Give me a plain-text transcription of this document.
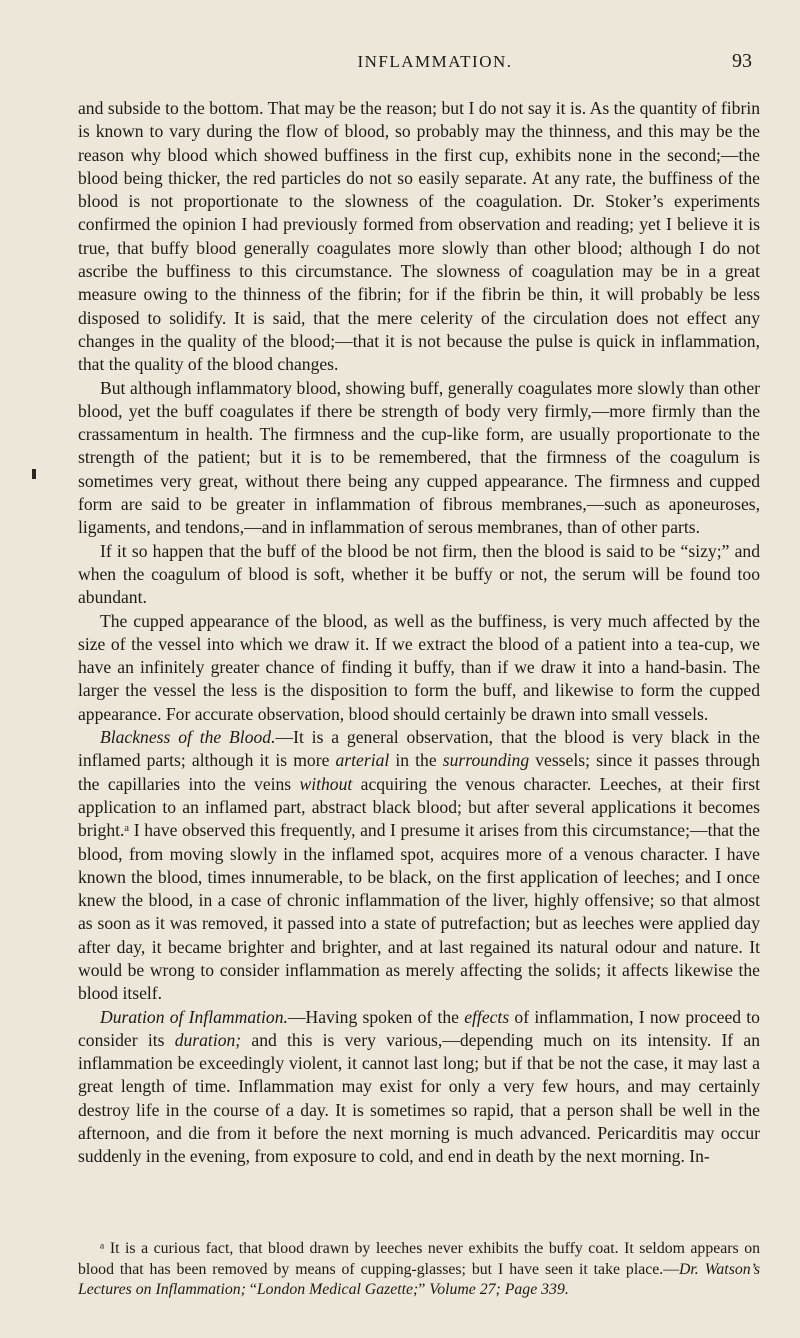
INFLAMMATION.	93

and subside to the bottom. That may be the reason; but I do not say it is. As the quantity of fibrin is known to vary during the flow of blood, so probably may the thinness, and this may be the reason why blood which showed buffiness in the first cup, exhibits none in the second;—the blood being thicker, the red particles do not so easily separate. At any rate, the buffiness of the blood is not proportionate to the slowness of the coagulation. Dr. Stoker’s experiments confirmed the opinion I had previously formed from observation and reading; yet I believe it is true, that buffy blood generally coagulates more slowly than other blood; although I do not ascribe the buffiness to this circumstance. The slowness of coagulation may be in a great measure owing to the thinness of the fibrin; for if the fibrin be thin, it will probably be less disposed to solidify. It is said, that the mere celerity of the circulation does not effect any changes in the quality of the blood;—that it is not because the pulse is quick in inflammation, that the quality of the blood changes.

But although inflammatory blood, showing buff, generally coagulates more slowly than other blood, yet the buff coagulates if there be strength of body very firmly,—more firmly than the crassamentum in health. The firmness and the cup-like form, are usually proportionate to the strength of the patient; but it is to be remembered, that the firmness of the coagulum is sometimes very great, without there being any cupped appearance. The firmness and cupped form are said to be greater in inflammation of fibrous membranes,—such as aponeuroses, ligaments, and tendons,—and in inflammation of serous membranes, than of other parts.

If it so happen that the buff of the blood be not firm, then the blood is said to be “sizy;” and when the coagulum of blood is soft, whether it be buffy or not, the serum will be found too abundant.

The cupped appearance of the blood, as well as the buffiness, is very much affected by the size of the vessel into which we draw it. If we extract the blood of a patient into a tea-cup, we have an infinitely greater chance of finding it buffy, than if we draw it into a hand-basin. The larger the vessel the less is the disposition to form the buff, and likewise to form the cupped appearance. For accurate observation, blood should certainly be drawn into small vessels.

Blackness of the Blood.—It is a general observation, that the blood is very black in the inflamed parts; although it is more arterial in the surrounding vessels; since it passes through the capillaries into the veins without acquiring the venous character. Leeches, at their first application to an inflamed part, abstract black blood; but after several applications it becomes bright.ᵃ I have observed this frequently, and I presume it arises from this circumstance;—that the blood, from moving slowly in the inflamed spot, acquires more of a venous character. I have known the blood, times innumerable, to be black, on the first application of leeches; and I once knew the blood, in a case of chronic inflammation of the liver, highly offensive; so that almost as soon as it was removed, it passed into a state of putrefaction; but as leeches were applied day after day, it became brighter and brighter, and at last regained its natural odour and nature. It would be wrong to consider inflammation as merely affecting the solids; it affects likewise the blood itself.

Duration of Inflammation.—Having spoken of the effects of inflammation, I now proceed to consider its duration; and this is very various,—depending much on its intensity. If an inflammation be exceedingly violent, it cannot last long; but if that be not the case, it may last a great length of time. Inflammation may exist for only a very few hours, and may certainly destroy life in the course of a day. It is sometimes so rapid, that a person shall be well in the afternoon, and die from it before the next morning is much advanced. Pericarditis may occur suddenly in the evening, from exposure to cold, and end in death by the next morning. In-

ᵃ It is a curious fact, that blood drawn by leeches never exhibits the buffy coat. It seldom appears on blood that has been removed by means of cupping-glasses; but I have seen it take place.—Dr. Watson’s Lectures on Inflammation; “London Medical Gazette;” Volume 27; Page 339.
